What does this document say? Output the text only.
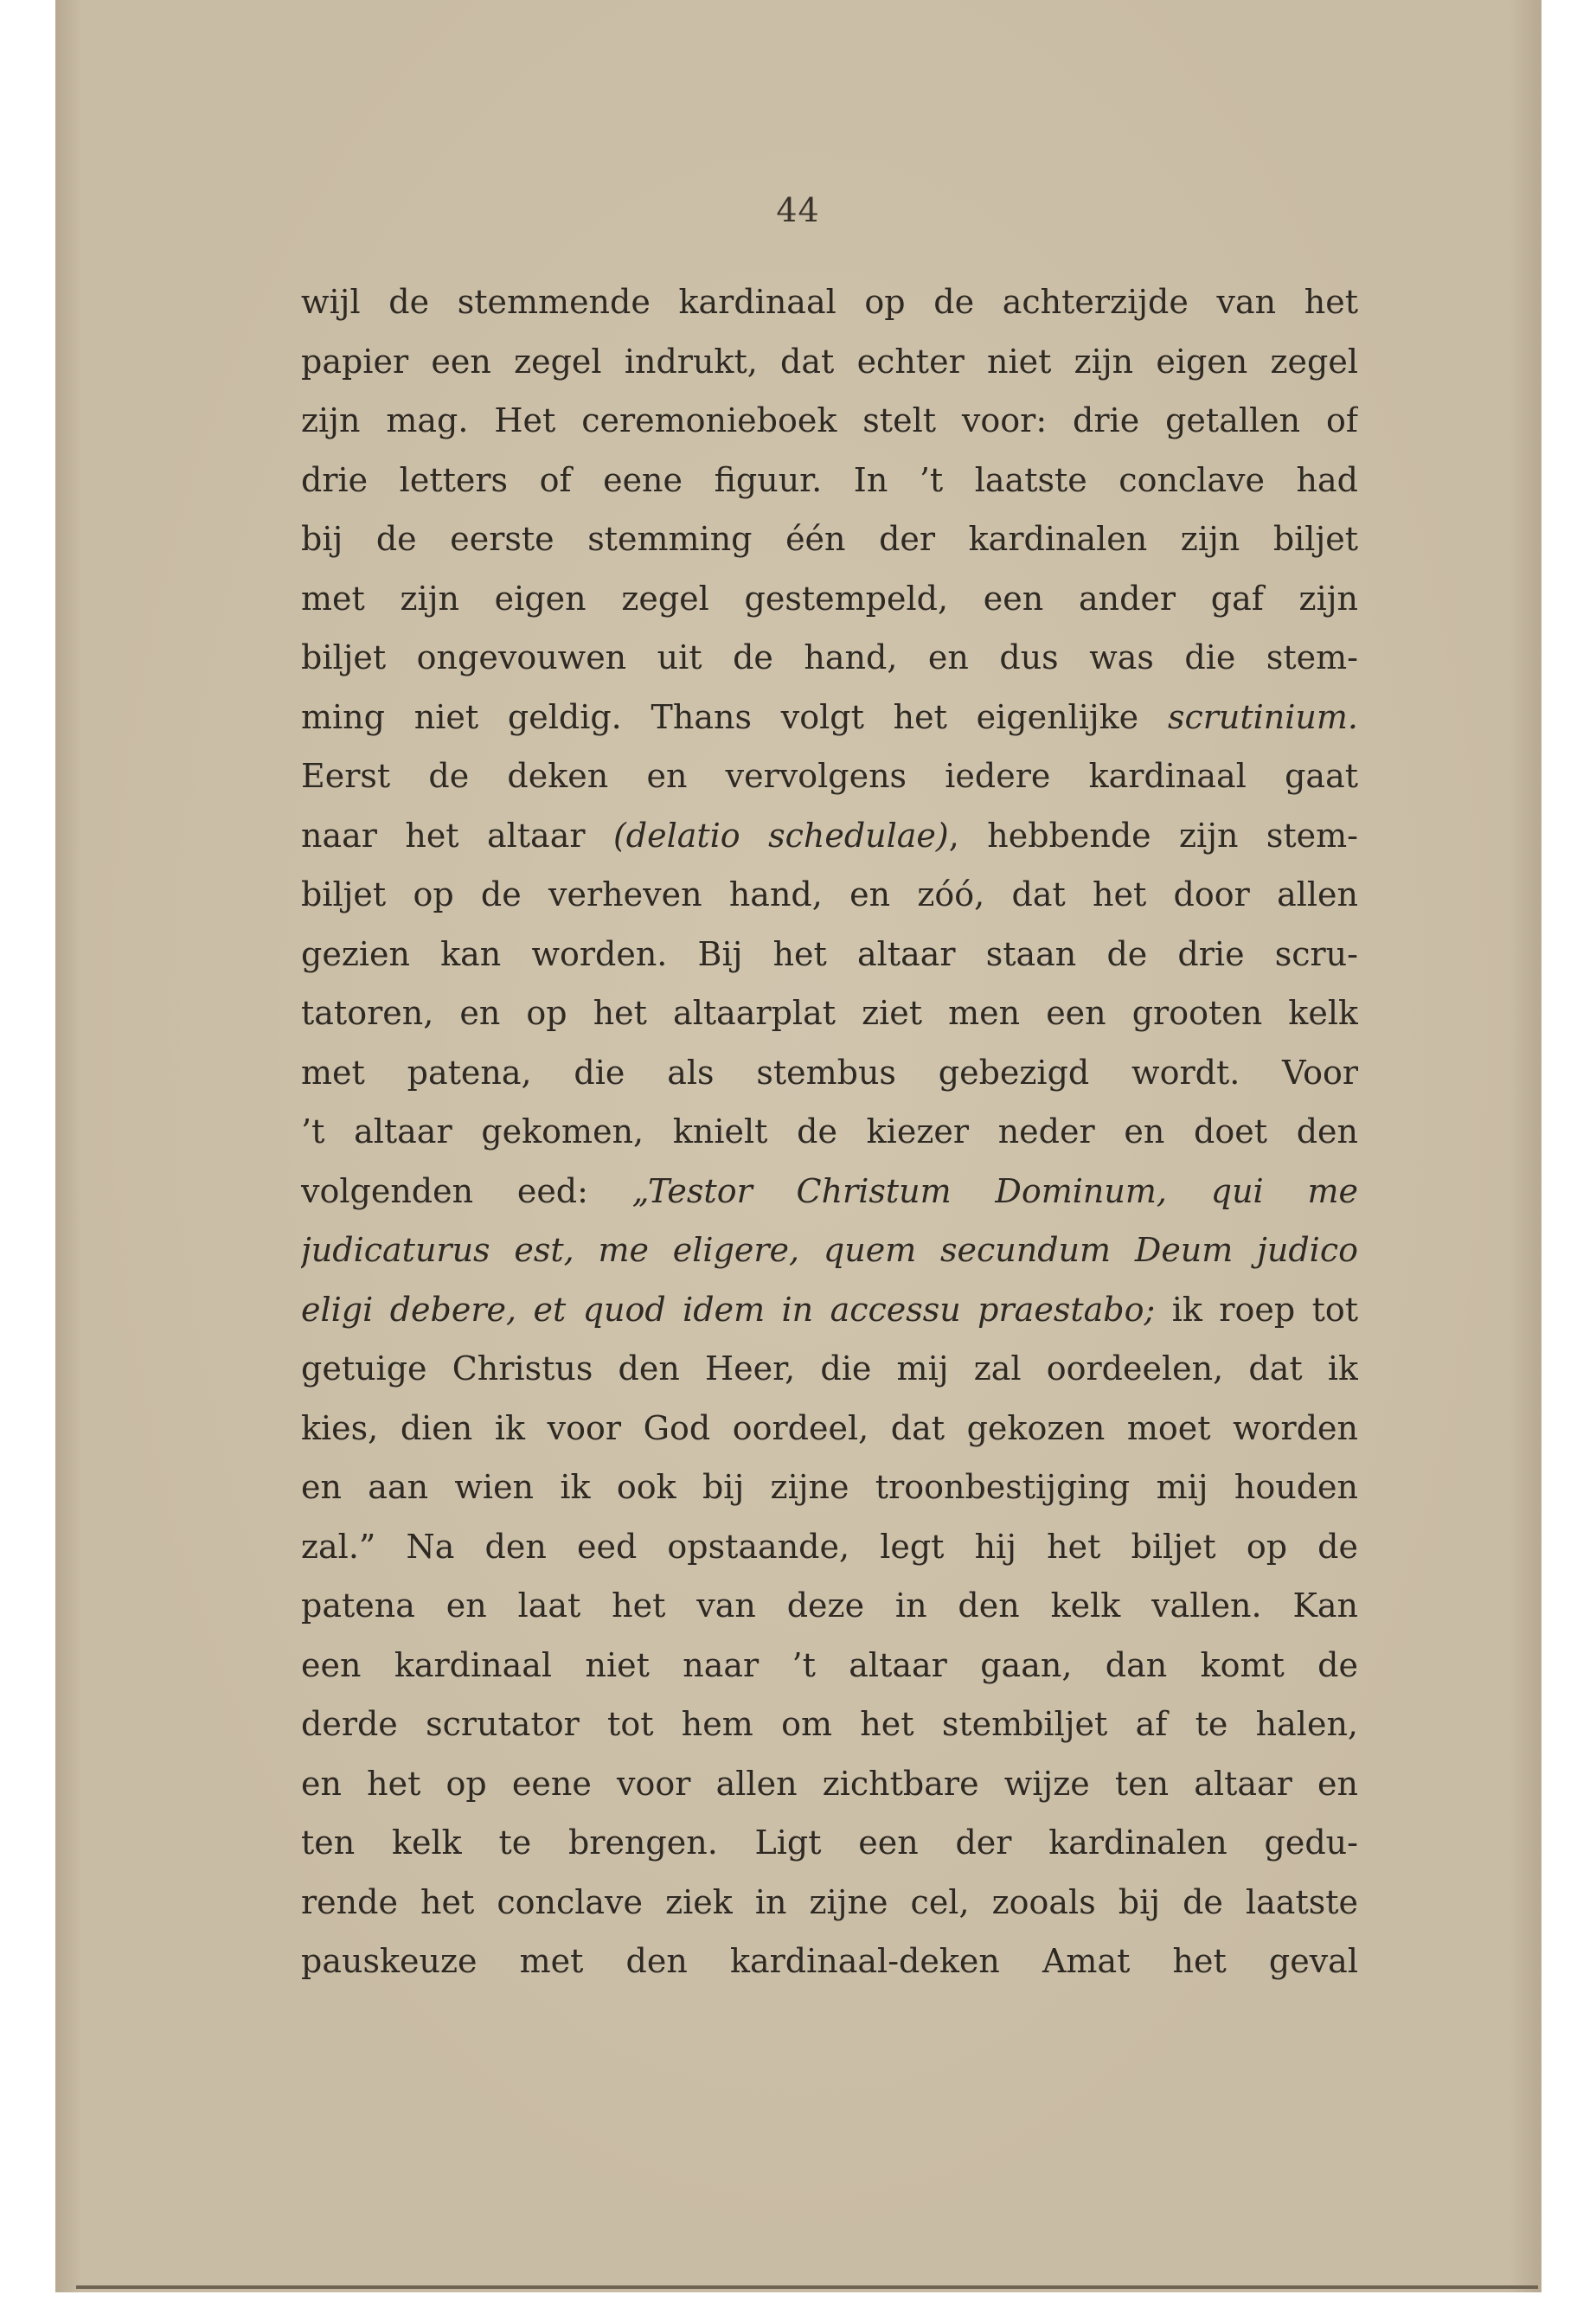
44
wijl de stemmende kardinaal op de achterzijde van het
papier een zegel indrukt, dat echter niet zijn eigen zegel
zijn mag. Het ceremonieboek stelt voor: drie getallen of
drie letters of eene figuur. In ’t laatste conclave had
bij de eerste stemming één der kardinalen zijn biljet
met zijn eigen zegel gestempeld, een ander gaf zijn
biljet ongevouwen uit de hand, en dus was die stem-
ming niet geldig. Thans volgt het eigenlijke scrutinium.
Eerst de deken en vervolgens iedere kardinaal gaat
naar het altaar (delatio schedulae), hebbende zijn stem-
biljet op de verheven hand, en zóó, dat het door allen
gezien kan worden. Bij het altaar staan de drie scru-
tatoren, en op het altaarplat ziet men een grooten kelk
met patena, die als stembus gebezigd wordt. Voor
’t altaar gekomen, knielt de kiezer neder en doet den
volgenden eed: „Testor Christum Dominum, qui me
judicaturus est, me eligere, quem secundum Deum judico
eligi debere, et quod idem in accessu praestabo; ik roep tot
getuige Christus den Heer, die mij zal oordeelen, dat ik
kies, dien ik voor God oordeel, dat gekozen moet worden
en aan wien ik ook bij zijne troonbestijging mij houden
zal.” Na den eed opstaande, legt hij het biljet op de
patena en laat het van deze in den kelk vallen. Kan
een kardinaal niet naar ’t altaar gaan, dan komt de
derde scrutator tot hem om het stembiljet af te halen,
en het op eene voor allen zichtbare wijze ten altaar en
ten kelk te brengen. Ligt een der kardinalen gedu-
rende het conclave ziek in zijne cel, zooals bij de laatste
pauskeuze met den kardinaal-deken Amat het geval
